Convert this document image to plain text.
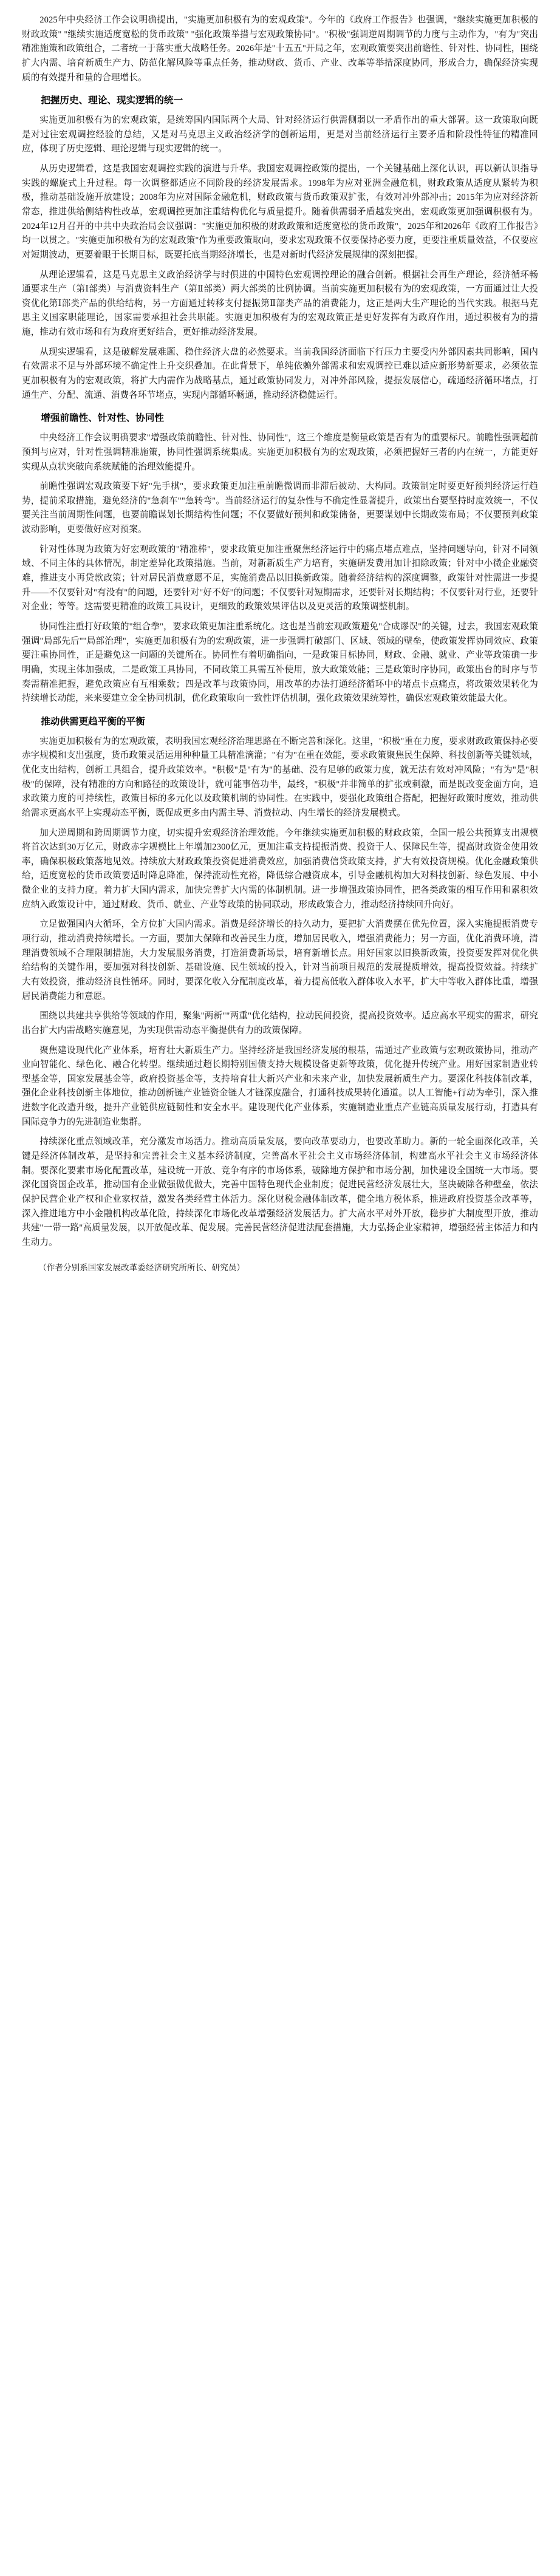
2025年中央经济工作会议明确提出，"实施更加积极有为的宏观政策"。今年的《政府工作报告》也强调，"继续实施更加积极的财政政策" "继续实施适度宽松的货币政策" "强化政策举措与宏观政策协同"。"积极"强调逆周期调节的力度与主动作为，"有为"突出精准施策和政策组合，二者统一于落实重大战略任务。2026年是"十五五"开局之年，宏观政策要突出前瞻性、针对性、协同性，围绕扩大内需、培育新质生产力、防范化解风险等重点任务，推动财政、货币、产业、改革等举措深度协同，形成合力，确保经济实现质的有效提升和量的合理增长。
把握历史、理论、现实逻辑的统一
实施更加积极有为的宏观政策，是统筹国内国际两个大局、针对经济运行供需侧弱以一矛盾作出的重大部署。这一政策取向既是对过往宏观调控经验的总结，又是对马克思主义政治经济学的创新运用，更是对当前经济运行主要矛盾和阶段性特征的精准回应，体现了历史逻辑、理论逻辑与现实逻辑的统一。
从历史逻辑看，这是我国宏观调控实践的演进与升华。我国宏观调控政策的提出，一个关键基础上深化认识，再以新认识指导实践的螺旋式上升过程。每一次调整都适应不同阶段的经济发展需求。1998年为应对亚洲金融危机，财政政策从适度从紧转为积极，推动基础设施开放建设；2008年为应对国际金融危机，财政政策与货币政策双扩张，有效对冲外部冲击；2015年为应对经济新常态，推进供给侧结构性改革，宏观调控更加注重结构优化与质量提升。随着供需弱矛盾越发突出，宏观政策更加强调积极有为。2024年12月召开的中共中央政治局会议强调："实施更加积极的财政政策和适度宽松的货币政策"，2025年和2026年《政府工作报告》均一以贯之。"实施更加积极有为的宏观政策"作为重要政策取向，要求宏观政策不仅要保持必要力度，更要注重质量效益，不仅要应对短期波动，更要着眼于长期目标，既要托底当期经济增长，也是对新时代经济发展规律的深刻把握。
从理论逻辑看，这是马克思主义政治经济学与时俱进的中国特色宏观调控理论的融合创新。根据社会再生产理论，经济循环畅通要求生产（第Ⅰ部类）与消费资料生产（第Ⅱ部类）两大部类的比例协调。当前实施更加积极有为的宏观政策，一方面通过让大投资优化第Ⅰ部类产品的供给结构，另一方面通过转移支付提振第Ⅱ部类产品的消费能力，这正是两大生产理论的当代实践。根据马克思主义国家职能理论，国家需要承担社会共职能。实施更加积极有为的宏观政策正是更好发挥有为政府作用，通过积极有为的措施，推动有效市场和有为政府更好结合，更好推动经济发展。
从现实逻辑看，这是破解发展难题、稳住经济大盘的必然要求。当前我国经济面临下行压力主要受内外部因素共同影响，国内有效需求不足与外部环境不确定性上升交织叠加。在此背景下，单纯依赖外部需求和宏观调控已难以适应新形势新要求，必须依靠更加积极有为的宏观政策，将扩大内需作为战略基点，通过政策协同发力，对冲外部风险，提振发展信心，疏通经济循环堵点，打通生产、分配、流通、消费各环节堵点，实现内部循环畅通，推动经济稳健运行。
增强前瞻性、针对性、协同性
中央经济工作会议明确要求"增强政策前瞻性、针对性、协同性"，这三个维度是衡量政策是否有为的重要标尺。前瞻性强调超前预判与应对，针对性强调精准施策，协同性强调系统集成。实施更加积极有为的宏观政策，必须把握好三者的内在统一，方能更好实现从点状突破向系统赋能的治理效能提升。
前瞻性强调宏观政策要下好"先手棋"，要求政策更加注重前瞻微调而非滞后被动、大构同。政策制定时要更好预判经济运行趋势，提前采取措施，避免经济的"急刹车""急转弯"。当前经济运行的复杂性与不确定性显著提升，政策出台要坚持时度效统一，不仅要关注当前周期性问题，也要前瞻谋划长期结构性问题；不仅要做好预判和政策储备，更要谋划中长期政策布局；不仅要预判政策波动影响，更要做好应对预案。
针对性体现为政策为好宏观政策的"精准棒"，要求政策更加注重聚焦经济运行中的痛点堵点难点，坚持问题导向，针对不同领域、不同主体的具体情况，制定差异化政策措施。当前，对新新质生产力培育，实施研发费用加计扣除政策；针对中小微企业融资难，推进支小再贷款政策；针对居民消费意愿不足，实施消费品以旧换新政策。随着经济结构的深度调整，政策针对性需进一步提升——不仅要针对"有没有"的问题，还要针对"好不好"的问题；不仅要针对短期需求，还要针对长期结构；不仅要针对行业，还要针对企业；等等。这需要更精准的政策工具设计，更细致的政策效果评估以及更灵活的政策调整机制。
协同性注重打好政策的"组合拳"，要求政策更加注重系统化。这也是当前宏观政策避免"合成谬误"的关键，过去，我国宏观政策强调"局部先后""局部治理"，实施更加积极有为的宏观政策，进一步强调打破部门、区域、领域的壁垒，使政策发挥协同效应、政策要注重协同性，正是避免这一问题的关键所在。协同性有着明确指向，一是政策目标协同，财政、金融、就业、产业等政策确一步明确，实现主体加强成，二是政策工具协同，不同政策工具需互补使用，放大政策效能；三是政策时序协同，政策出台的时序与节奏需精准把握，避免政策应有互相乘数；四是改革与政策协同，用改革的办法打通经济循环中的堵点卡点痛点，将政策效果转化为持续增长动能，来来要建立金全协同机制，优化政策取向一致性评估机制，强化政策效果统筹性，确保宏观政策效能最大化。
推动供需更趋平衡的平衡
实施更加积极有为的宏观政策，表明我国宏观经济治理思路在不断完善和深化。这里，"积极"重在力度，要求财政政策保持必要赤字规模和支出强度，货币政策灵活运用种种量工具精准滴灌；"有为"在重在效能，要求政策聚焦民生保障、科技创新等关键领域，优化支出结构，创新工具组合，提升政策效率。"积极"是"有为"的基础、没有足够的政策力度，就无法有效对冲风险；"有为"是"积极"的保障，没有精准的方向和路径的政策设计，就可能事倍功半，最终，"积极"并非简单的扩张或刺激，而是既改变金面方向，追求政策力度的可持续性，政策目标的多元化以及政策机制的协同性。在实践中，要强化政策组合搭配，把握好政策时度效，推动供给需求更高水平上实现动态平衡，既促成更多由内需主导、消费拉动、内生增长的经济发展模式。
加大逆周期和跨周期调节力度，切实提升宏观经济治理效能。今年继续实施更加积极的财政政策，全国一般公共预算支出规模将首次达到30万亿元，财政赤字规模比上年增加2300亿元，更加注重支持提振消费、投资于人、保障民生等，提高财政资金使用效率，确保积极政策落地见效。持续放大财政政策投资促进消费效应，加强消费信贷政策支持，扩大有效投资规模。优化金融政策供给，适度宽松的货币政策要适时降息降准，保持流动性充裕，降低综合融资成本，引导金融机构加大对科技创新、绿色发展、中小微企业的支持力度。着力扩大国内需求，加快完善扩大内需的体制机制。进一步增强政策协同性，把各类政策的相互作用和累积效应纳入政策设计中，通过财政、货币、就业、产业等政策的协同联动，形成政策合力，推动经济持续回升向好。
立足做强国内大循环，全方位扩大国内需求。消费是经济增长的持久动力，要把扩大消费摆在优先位置，深入实施提振消费专项行动，推动消费持续增长。一方面，要加大保障和改善民生力度，增加居民收入，增强消费能力；另一方面，优化消费环境，清理消费领域不合理限制措施，大力发展服务消费，打造消费新场景，培育新增长点。用好国家以旧换新政策，投资要发挥对优化供给结构的关键作用，要加强对科技创新、基础设施、民生领域的投入，针对当前项目规范的发展提质增效，提高投资效益。持续扩大有效投资，推动经济良性循环。同时，要深化收入分配制度改革，着力提高低收入群体收入水平，扩大中等收入群体比重，增强居民消费能力和意愿。
围绕以共建共享供给等领域的作用，聚集"两新""两重"优化结构，拉动民间投资，提高投资效率。适应高水平现实的需求，研究出台扩大内需战略实施意见，为实现供需动态平衡提供有力的政策保障。
聚焦建设现代化产业体系，培育壮大新质生产力。坚持经济是我国经济发展的根基，需通过产业政策与宏观政策协同，推动产业向智能化、绿色化、融合化转型。继续通过超长期特别国债支持大规模设备更新等政策，优化提升传统产业。用好国家制造业转型基金等，国家发展基金等，政府投资基金等，支持培育壮大新兴产业和未来产业，加快发展新质生产力。要深化科技体制改革，强化企业科技创新主体地位，推动创新链产业链资金链人才链深度融合，打通科技成果转化通道。以人工智能+行动为牵引，深入推进数字化改造升级，提升产业链供应链韧性和安全水平。建设现代化产业体系，实施制造业重点产业链高质量发展行动，打造具有国际竞争力的先进制造业集群。
持续深化重点领域改革，充分激发市场活力。推动高质量发展，要向改革要动力，也要改革助力。新的一轮全面深化改革，关键是经济体制改革，是坚持和完善社会主义基本经济制度，完善高水平社会主义市场经济体制，构建高水平社会主义市场经济体制。要深化要素市场化配置改革，建设统一开放、竞争有序的市场体系，破除地方保护和市场分割，加快建设全国统一大市场。要深化国资国企改革，推动国有企业做强做优做大，完善中国特色现代企业制度；促进民营经济发展壮大，坚决破除各种壁垒，依法保护民营企业产权和企业家权益，激发各类经营主体活力。深化财税金融体制改革，健全地方税体系，推进政府投资基金改革等，深入推进地方中小金融机构改革化险，持续深化市场化改革增强经济发展活力。扩大高水平对外开放，稳步扩大制度型开放，推动共建"一带一路"高质量发展，以开放促改革、促发展。完善民营经济促进法配套措施，大力弘扬企业家精神，增强经营主体活力和内生动力。
（作者分别系国家发展改革委经济研究所所长、研究员）
